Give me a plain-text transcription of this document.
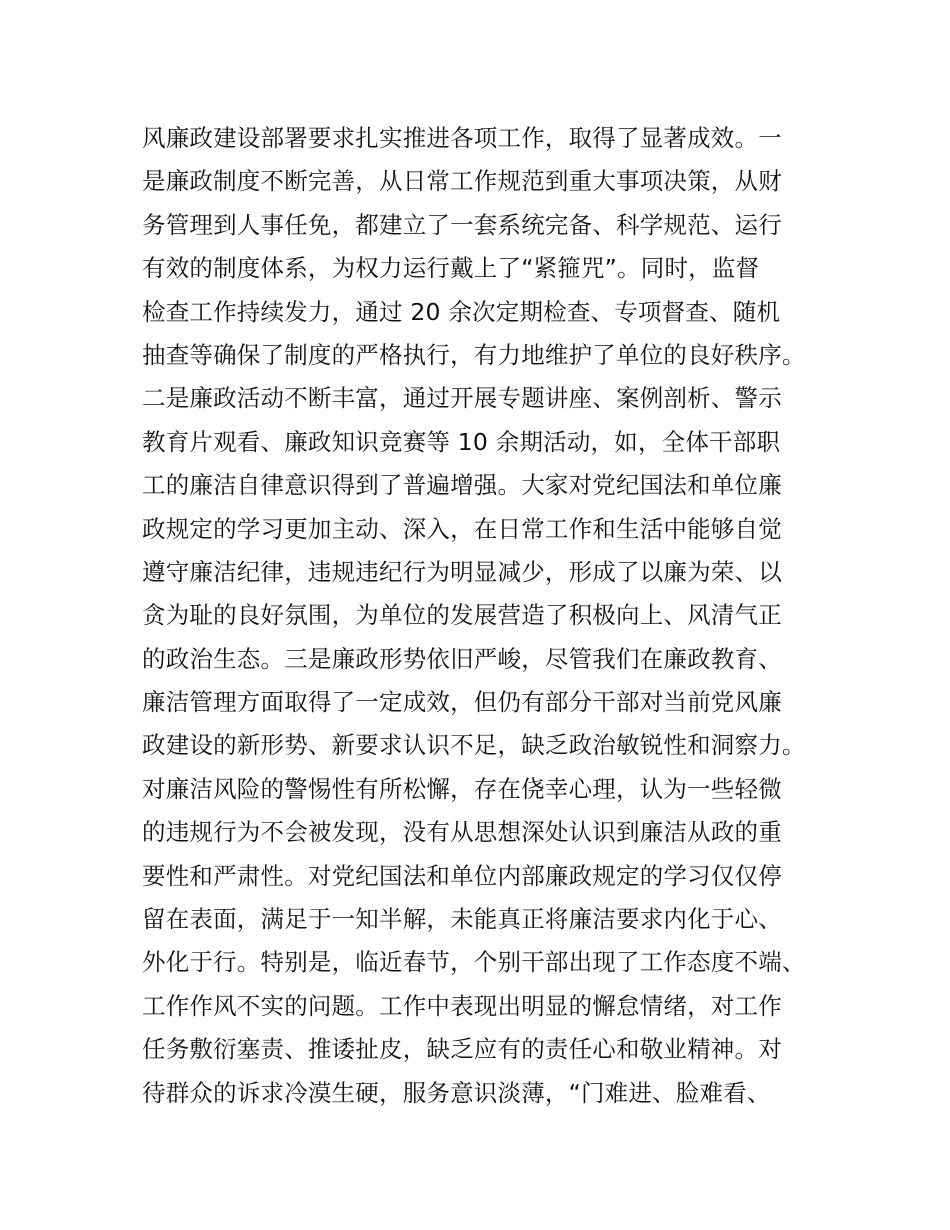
风廉政建设部署要求扎实推进各项工作，取得了显著成效。一
是廉政制度不断完善，从日常工作规范到重大事项决策，从财
务管理到人事任免，都建立了一套系统完备、科学规范、运行
有效的制度体系，为权力运行戴上了“紧箍咒”。同时，监督
检查工作持续发力，通过 20 余次定期检查、专项督查、随机
抽查等确保了制度的严格执行，有力地维护了单位的良好秩序。
二是廉政活动不断丰富，通过开展专题讲座、案例剖析、警示
教育片观看、廉政知识竞赛等 10 余期活动，如，全体干部职
工的廉洁自律意识得到了普遍增强。大家对党纪国法和单位廉
政规定的学习更加主动、深入，在日常工作和生活中能够自觉
遵守廉洁纪律，违规违纪行为明显减少，形成了以廉为荣、以
贪为耻的良好氛围，为单位的发展营造了积极向上、风清气正
的政治生态。三是廉政形势依旧严峻，尽管我们在廉政教育、
廉洁管理方面取得了一定成效，但仍有部分干部对当前党风廉
政建设的新形势、新要求认识不足，缺乏政治敏锐性和洞察力。
对廉洁风险的警惕性有所松懈，存在侥幸心理，认为一些轻微
的违规行为不会被发现，没有从思想深处认识到廉洁从政的重
要性和严肃性。对党纪国法和单位内部廉政规定的学习仅仅停
留在表面，满足于一知半解，未能真正将廉洁要求内化于心、
外化于行。特别是，临近春节，个别干部出现了工作态度不端、
工作作风不实的问题。工作中表现出明显的懈怠情绪，对工作
任务敷衍塞责、推诿扯皮，缺乏应有的责任心和敬业精神。对
待群众的诉求冷漠生硬，服务意识淡薄，“门难进、脸难看、
